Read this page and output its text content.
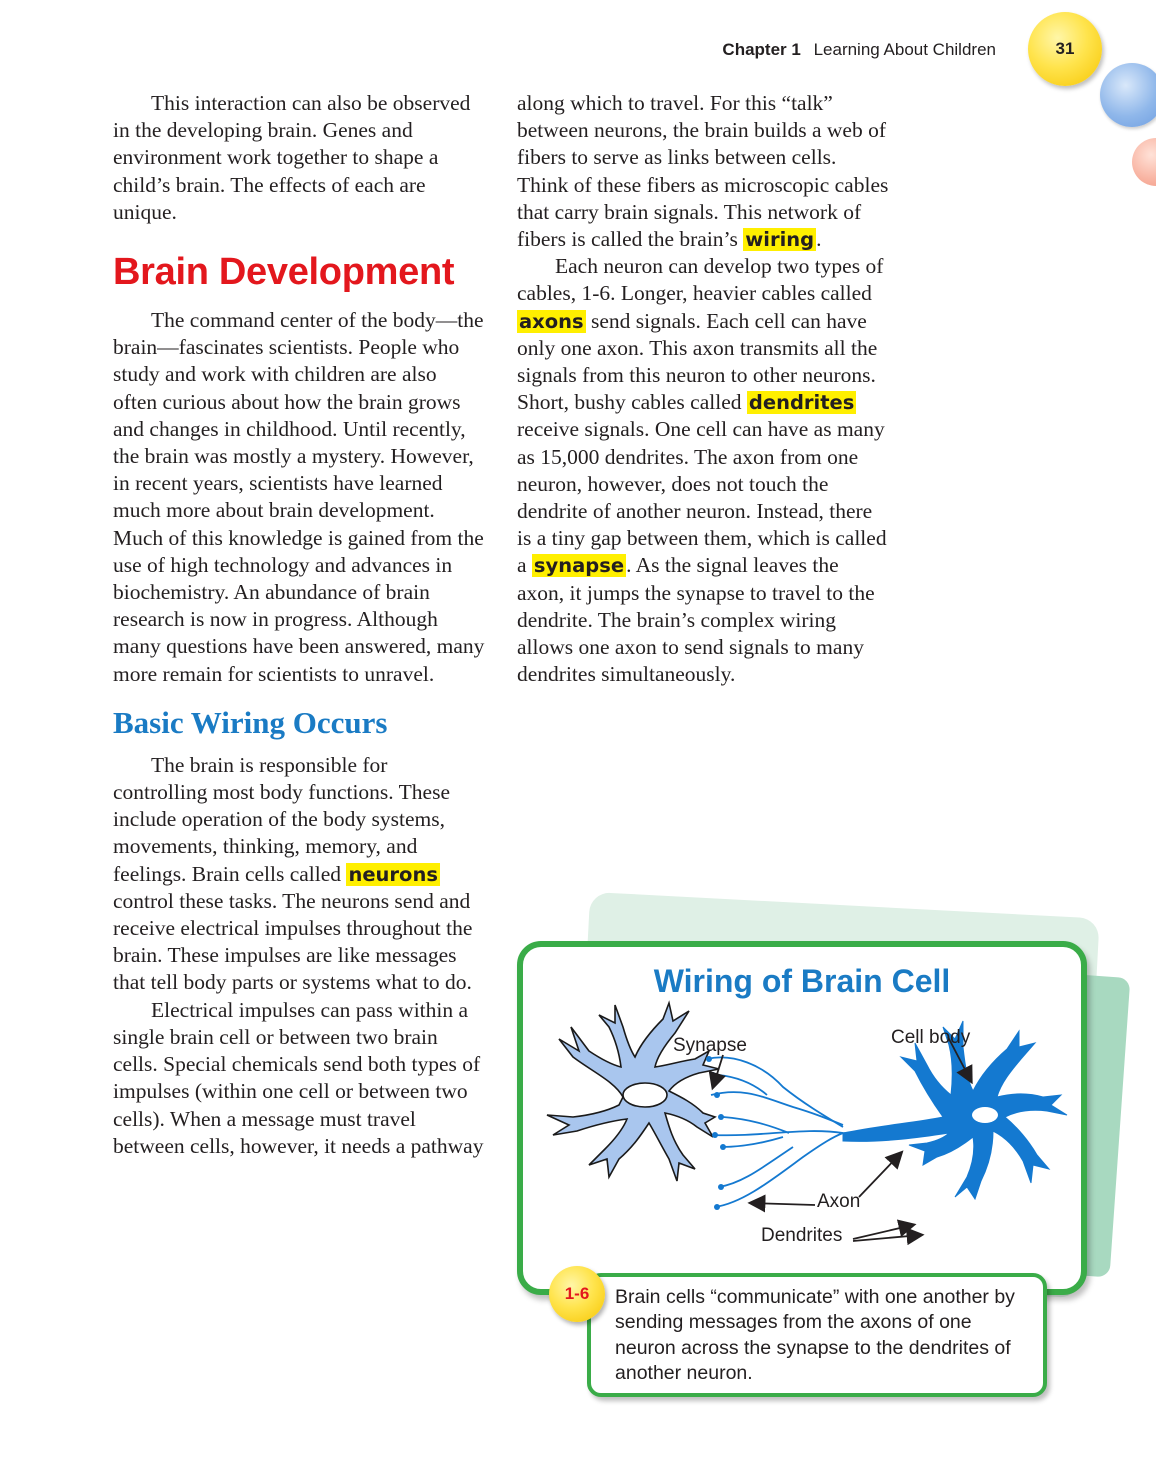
Chapter 1 Learning About Children	31

This interaction can also be observed in the developing brain. Genes and environment work together to shape a child’s brain. The effects of each are unique.

Brain Development

The command center of the body—the brain—fascinates scientists. People who study and work with children are also often curious about how the brain grows and changes in childhood. Until recently, the brain was mostly a mystery. However, in recent years, scientists have learned much more about brain development. Much of this knowledge is gained from the use of high technology and advances in biochemistry. An abundance of brain research is now in progress. Although many questions have been answered, many more remain for scientists to unravel.

Basic Wiring Occurs

The brain is responsible for controlling most body functions. These include operation of the body systems, movements, thinking, memory, and feelings. Brain cells called neurons control these tasks. The neurons send and receive electrical impulses throughout the brain. These impulses are like messages that tell body parts or systems what to do.

Electrical impulses can pass within a single brain cell or between two brain cells. Special chemicals send both types of impulses (within one cell or between two cells). When a message must travel between cells, however, it needs a pathway

along which to travel. For this “talk” between neurons, the brain builds a web of fibers to serve as links between cells. Think of these fibers as microscopic cables that carry brain signals. This network of fibers is called the brain’s wiring.

Each neuron can develop two types of cables, 1-6. Longer, heavier cables called axons send signals. Each cell can have only one axon. This axon transmits all the signals from this neuron to other neurons. Short, bushy cables called dendrites receive signals. One cell can have as many as 15,000 dendrites. The axon from one neuron, however, does not touch the dendrite of another neuron. Instead, there is a tiny gap between them, which is called a synapse. As the signal leaves the axon, it jumps the synapse to travel to the dendrite. The brain’s complex wiring allows one axon to send signals to many dendrites simultaneously.

Wiring of Brain Cell
Synapse	Cell body
Axon
Dendrites
Brain cells “communicate” with one another by sending messages from the axons of one neuron across the synapse to the dendrites of another neuron.
1-6
